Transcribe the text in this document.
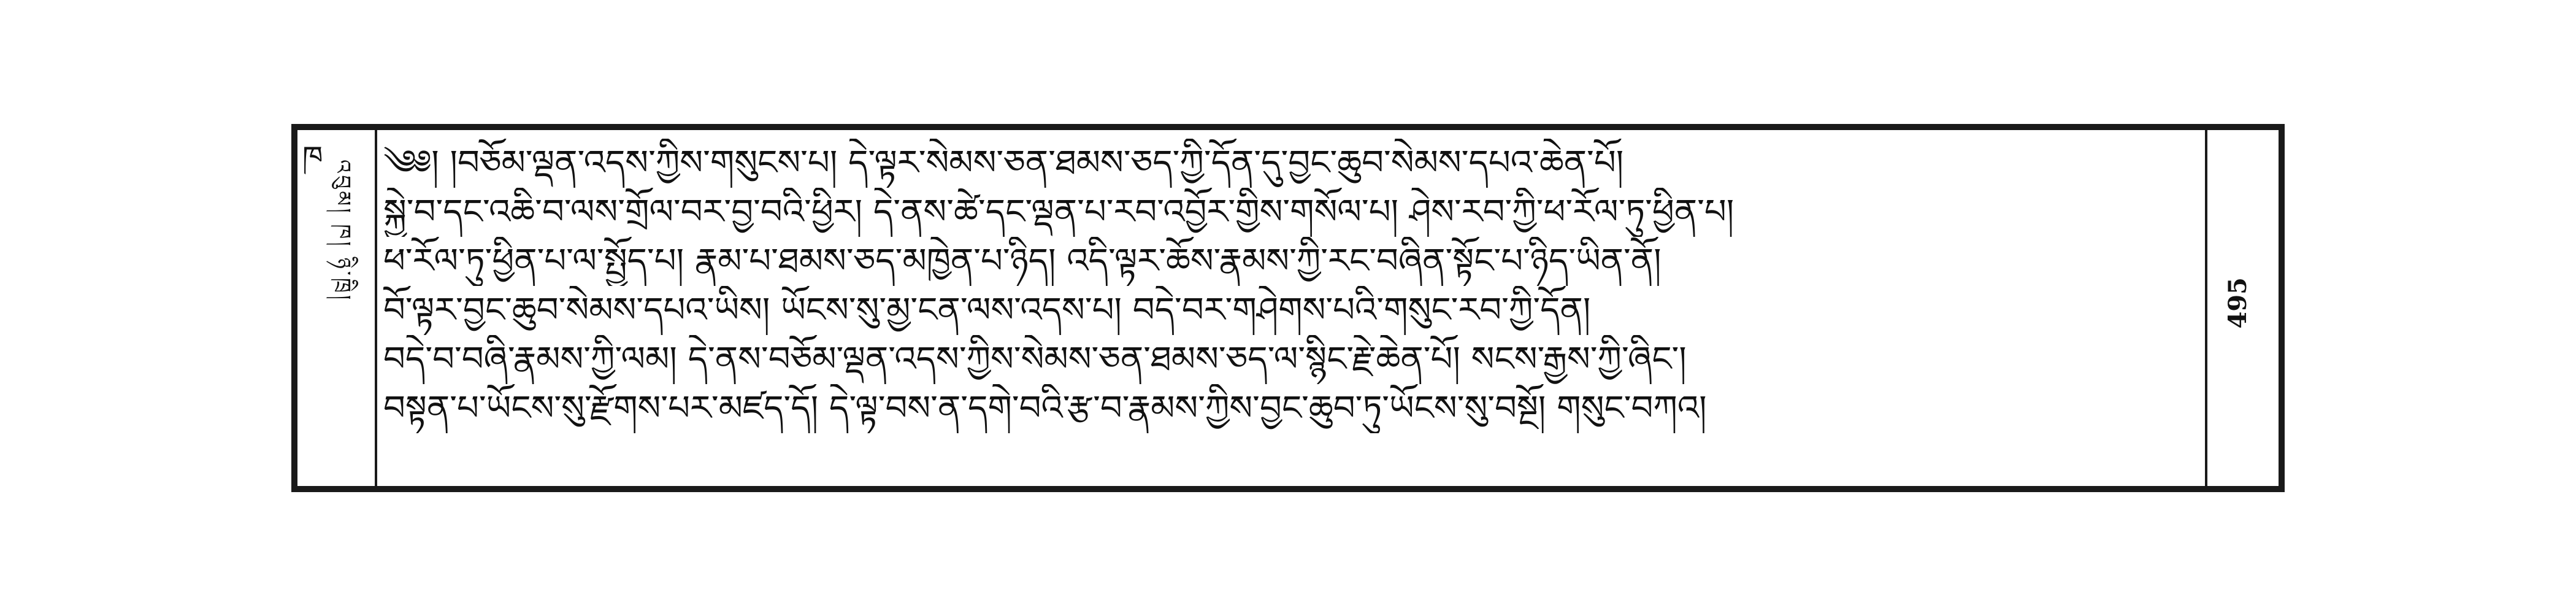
ཁ
འབུམ། ཁ། ཉི་ཁྲི། ༄༅། །བཅོམ་ལྡན་འདས་ཀྱིས་གསུངས་པ། དེ་ལྟར་སེམས་ཅན་ཐམས་ཅད་ཀྱི་དོན་དུ་བྱང་ཆུབ་སེམས་དཔའ་ཆེན་པོ།
སྐྱེ་བ་དང་འཆི་བ་ལས་གྲོལ་བར་བྱ་བའི་ཕྱིར། དེ་ནས་ཚེ་དང་ལྡན་པ་རབ་འབྱོར་གྱིས་གསོལ་པ། ཤེས་རབ་ཀྱི་ཕ་རོལ་ཏུ་ཕྱིན་པ།
ཕ་རོལ་ཏུ་ཕྱིན་པ་ལ་སྤྱོད་པ། རྣམ་པ་ཐམས་ཅད་མཁྱེན་པ་ཉིད། འདི་ལྟར་ཆོས་རྣམས་ཀྱི་རང་བཞིན་སྟོང་པ་ཉིད་ཡིན་ནོ།
བོ་ལྟར་བྱང་ཆུབ་སེམས་དཔའ་ཡིས། ཡོངས་སུ་མྱ་ངན་ལས་འདས་པ། བདེ་བར་གཤེགས་པའི་གསུང་རབ་ཀྱི་དོན།
བདེ་བ་བཞི་རྣམས་ཀྱི་ལམ། དེ་ནས་བཅོམ་ལྡན་འདས་ཀྱིས་སེམས་ཅན་ཐམས་ཅད་ལ་སྙིང་རྗེ་ཆེན་པོ། སངས་རྒྱས་ཀྱི་ཞིང་།
བསྟན་པ་ཡོངས་སུ་རྫོགས་པར་མཛད་དོ། དེ་ལྟ་བས་ན་དགེ་བའི་རྩ་བ་རྣམས་ཀྱིས་བྱང་ཆུབ་ཏུ་ཡོངས་སུ་བསྔོ། གསུང་བཀའ།
495
